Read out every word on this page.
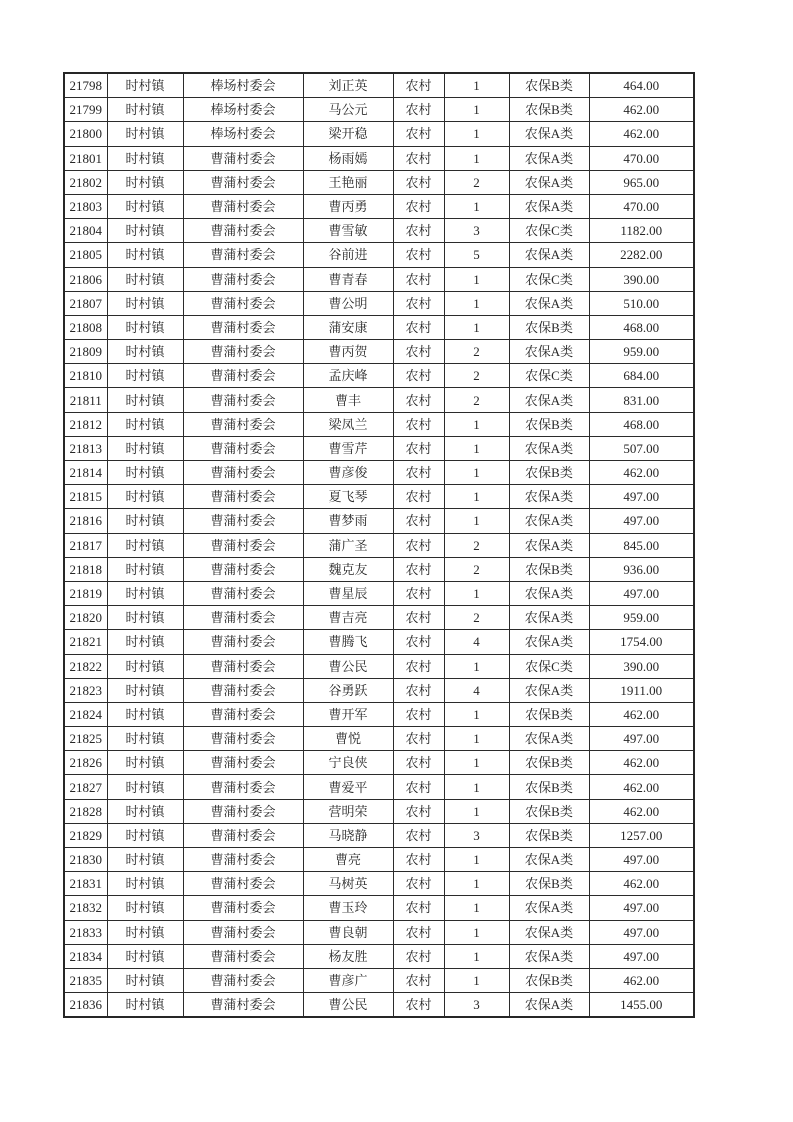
21798	时村镇	棒场村委会	刘正英	农村	1	农保B类	464.00
21799	时村镇	棒场村委会	马公元	农村	1	农保B类	462.00
21800	时村镇	棒场村委会	梁开稳	农村	1	农保A类	462.00
21801	时村镇	曹蒲村委会	杨雨嫣	农村	1	农保A类	470.00
21802	时村镇	曹蒲村委会	王艳丽	农村	2	农保A类	965.00
21803	时村镇	曹蒲村委会	曹丙勇	农村	1	农保A类	470.00
21804	时村镇	曹蒲村委会	曹雪敏	农村	3	农保C类	1182.00
21805	时村镇	曹蒲村委会	谷前进	农村	5	农保A类	2282.00
21806	时村镇	曹蒲村委会	曹青春	农村	1	农保C类	390.00
21807	时村镇	曹蒲村委会	曹公明	农村	1	农保A类	510.00
21808	时村镇	曹蒲村委会	蒲安康	农村	1	农保B类	468.00
21809	时村镇	曹蒲村委会	曹丙贺	农村	2	农保A类	959.00
21810	时村镇	曹蒲村委会	孟庆峰	农村	2	农保C类	684.00
21811	时村镇	曹蒲村委会	曹丰	农村	2	农保A类	831.00
21812	时村镇	曹蒲村委会	梁凤兰	农村	1	农保B类	468.00
21813	时村镇	曹蒲村委会	曹雪芹	农村	1	农保A类	507.00
21814	时村镇	曹蒲村委会	曹彦俊	农村	1	农保B类	462.00
21815	时村镇	曹蒲村委会	夏飞琴	农村	1	农保A类	497.00
21816	时村镇	曹蒲村委会	曹梦雨	农村	1	农保A类	497.00
21817	时村镇	曹蒲村委会	蒲广圣	农村	2	农保A类	845.00
21818	时村镇	曹蒲村委会	魏克友	农村	2	农保B类	936.00
21819	时村镇	曹蒲村委会	曹星辰	农村	1	农保A类	497.00
21820	时村镇	曹蒲村委会	曹吉亮	农村	2	农保A类	959.00
21821	时村镇	曹蒲村委会	曹腾飞	农村	4	农保A类	1754.00
21822	时村镇	曹蒲村委会	曹公民	农村	1	农保C类	390.00
21823	时村镇	曹蒲村委会	谷勇跃	农村	4	农保A类	1911.00
21824	时村镇	曹蒲村委会	曹开军	农村	1	农保B类	462.00
21825	时村镇	曹蒲村委会	曹悦	农村	1	农保A类	497.00
21826	时村镇	曹蒲村委会	宁良侠	农村	1	农保B类	462.00
21827	时村镇	曹蒲村委会	曹爱平	农村	1	农保B类	462.00
21828	时村镇	曹蒲村委会	营明荣	农村	1	农保B类	462.00
21829	时村镇	曹蒲村委会	马晓静	农村	3	农保B类	1257.00
21830	时村镇	曹蒲村委会	曹亮	农村	1	农保A类	497.00
21831	时村镇	曹蒲村委会	马树英	农村	1	农保B类	462.00
21832	时村镇	曹蒲村委会	曹玉玲	农村	1	农保A类	497.00
21833	时村镇	曹蒲村委会	曹良朝	农村	1	农保A类	497.00
21834	时村镇	曹蒲村委会	杨友胜	农村	1	农保A类	497.00
21835	时村镇	曹蒲村委会	曹彦广	农村	1	农保B类	462.00
21836	时村镇	曹蒲村委会	曹公民	农村	3	农保A类	1455.00
